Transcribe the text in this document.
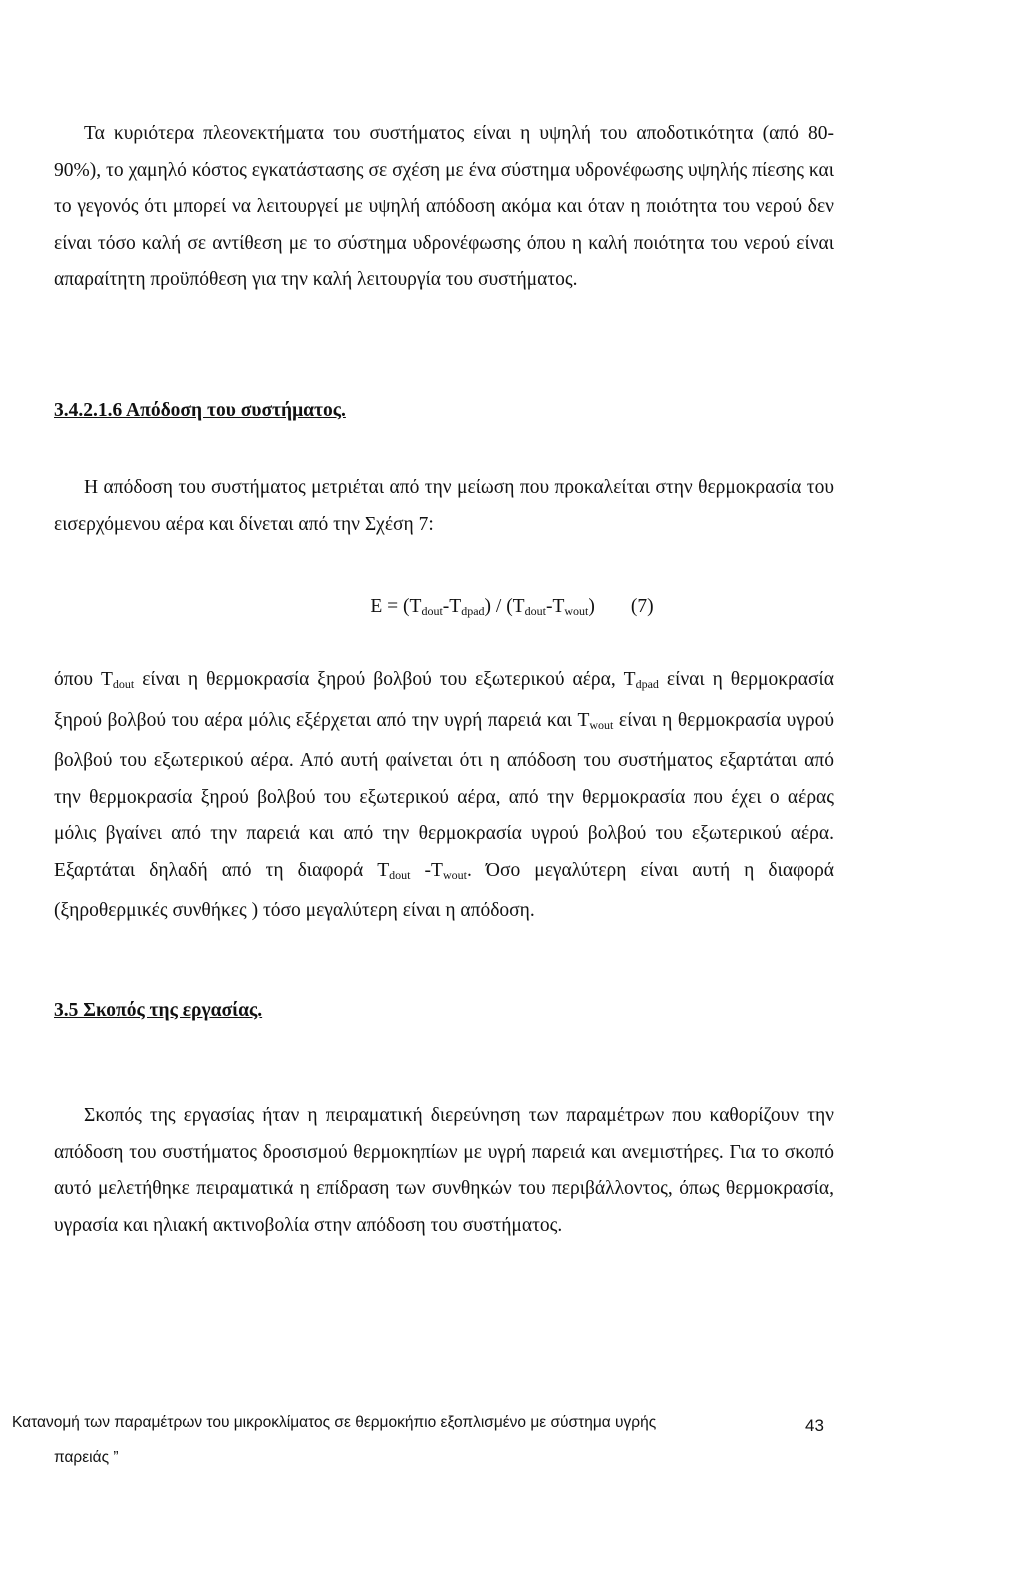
Τα κυριότερα πλεονεκτήματα του συστήματος είναι η υψηλή του αποδοτικότητα (από 80- 90%), το χαμηλό κόστος εγκατάστασης σε σχέση με ένα σύστημα υδρονέφωσης υψηλής πίεσης και το γεγονός ότι μπορεί να λειτουργεί με υψηλή απόδοση ακόμα και όταν η ποιότητα του νερού δεν είναι τόσο καλή σε αντίθεση με το σύστημα υδρονέφωσης όπου η καλή ποιότητα του νερού είναι απαραίτητη προϋπόθεση για την καλή λειτουργία του συστήματος.

3.4.2.1.6 Απόδοση του συστήματος.

Η απόδοση του συστήματος μετριέται από την μείωση που προκαλείται στην θερμοκρασία του εισερχόμενου αέρα και δίνεται από την Σχέση 7:

$E = (T_{dout}-T_{dpad}) / (T_{dout}-T_{wout})$ (7)

όπου $T_{dout}$ είναι η θερμοκρασία ξηρού βολβού του εξωτερικού αέρα, $T_{dpad}$ είναι η θερμοκρασία ξηρού βολβού του αέρα μόλις εξέρχεται από την υγρή παρειά και $T_{wout}$ είναι η θερμοκρασία υγρού βολβού του εξωτερικού αέρα. Από αυτή φαίνεται ότι η απόδοση του συστήματος εξαρτάται από την θερμοκρασία ξηρού βολβού του εξωτερικού αέρα, από την θερμοκρασία που έχει ο αέρας μόλις βγαίνει από την παρειά και από την θερμοκρασία υγρού βολβού του εξωτερικού αέρα. Εξαρτάται δηλαδή από τη διαφορά $T_{dout}$ $-T_{wout}$. Όσο μεγαλύτερη είναι αυτή η διαφορά (ξηροθερμικές συνθήκες ) τόσο μεγαλύτερη είναι η απόδοση.

3.5 Σκοπός της εργασίας.

Σκοπός της εργασίας ήταν η πειραματική διερεύνηση των παραμέτρων που καθορίζουν την απόδοση του συστήματος δροσισμού θερμοκηπίων με υγρή παρειά και ανεμιστήρες. Για το σκοπό αυτό μελετήθηκε πειραματικά η επίδραση των συνθηκών του περιβάλλοντος, όπως θερμοκρασία, υγρασία και ηλιακή ακτινοβολία στην απόδοση του συστήματος.

Κατανομή των παραμέτρων του μικροκλίματος σε θερμοκήπιο εξοπλισμένο με σύστημα υγρής
παρειάς ”
43
